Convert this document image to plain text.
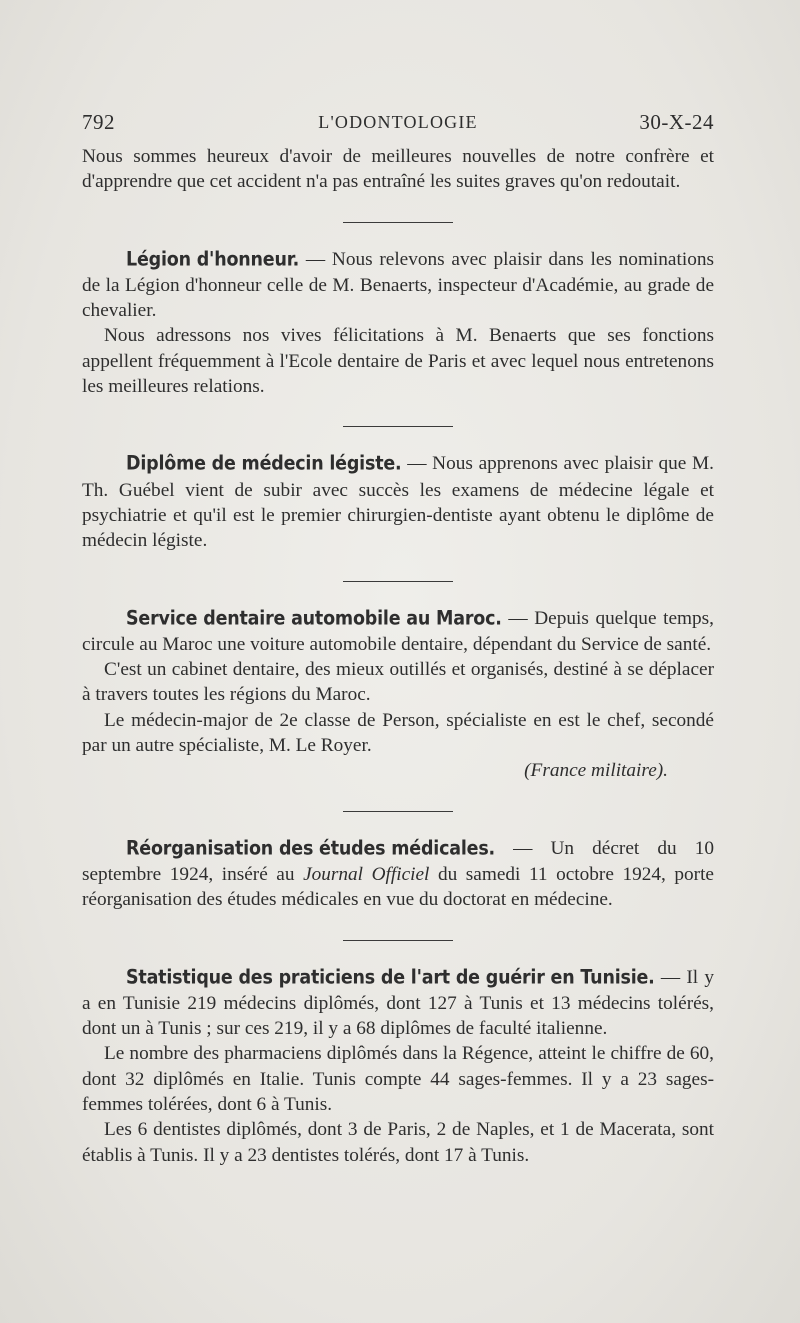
792	L'ODONTOLOGIE	30-X-24

Nous sommes heureux d'avoir de meilleures nouvelles de notre confrère et d'apprendre que cet accident n'a pas entraîné les suites graves qu'on redoutait.

Légion d'honneur. — Nous relevons avec plaisir dans les nominations de la Légion d'honneur celle de M. Benaerts, inspecteur d'Académie, au grade de chevalier.

Nous adressons nos vives félicitations à M. Benaerts que ses fonctions appellent fréquemment à l'Ecole dentaire de Paris et avec lequel nous entretenons les meilleures relations.

Diplôme de médecin légiste. — Nous apprenons avec plaisir que M. Th. Guébel vient de subir avec succès les examens de médecine légale et psychiatrie et qu'il est le premier chirurgien-dentiste ayant obtenu le diplôme de médecin légiste.

Service dentaire automobile au Maroc. — Depuis quelque temps, circule au Maroc une voiture automobile dentaire, dépendant du Service de santé.

C'est un cabinet dentaire, des mieux outillés et organisés, destiné à se déplacer à travers toutes les régions du Maroc.

Le médecin-major de 2e classe de Person, spécialiste en est le chef, secondé par un autre spécialiste, M. Le Royer.

(France militaire).

Réorganisation des études médicales. — Un décret du 10 septembre 1924, inséré au Journal Officiel du samedi 11 octobre 1924, porte réorganisation des études médicales en vue du doctorat en médecine.

Statistique des praticiens de l'art de guérir en Tunisie. — Il y a en Tunisie 219 médecins diplômés, dont 127 à Tunis et 13 médecins tolérés, dont un à Tunis ; sur ces 219, il y a 68 diplômes de faculté italienne.

Le nombre des pharmaciens diplômés dans la Régence, atteint le chiffre de 60, dont 32 diplômés en Italie. Tunis compte 44 sages-femmes. Il y a 23 sages-femmes tolérées, dont 6 à Tunis.

Les 6 dentistes diplômés, dont 3 de Paris, 2 de Naples, et 1 de Macerata, sont établis à Tunis. Il y a 23 dentistes tolérés, dont 17 à Tunis.
